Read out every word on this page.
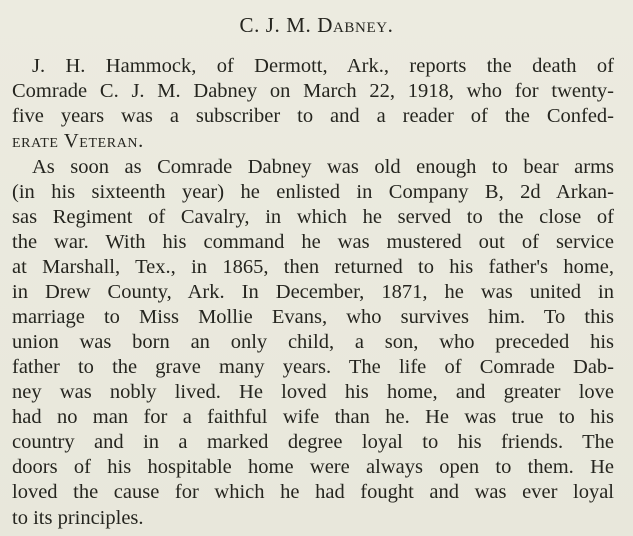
C. J. M. Dabney.
J. H. Hammock, of Dermott, Ark., reports the death of
Comrade C. J. M. Dabney on March 22, 1918, who for twenty-
five years was a subscriber to and a reader of the Confed-
erate Veteran.
As soon as Comrade Dabney was old enough to bear arms
(in his sixteenth year) he enlisted in Company B, 2d Arkan-
sas Regiment of Cavalry, in which he served to the close of
the war. With his command he was mustered out of service
at Marshall, Tex., in 1865, then returned to his father's home,
in Drew County, Ark. In December, 1871, he was united in
marriage to Miss Mollie Evans, who survives him. To this
union was born an only child, a son, who preceded his
father to the grave many years. The life of Comrade Dab-
ney was nobly lived. He loved his home, and greater love
had no man for a faithful wife than he. He was true to his
country and in a marked degree loyal to his friends. The
doors of his hospitable home were always open to them. He
loved the cause for which he had fought and was ever loyal
to its principles.
